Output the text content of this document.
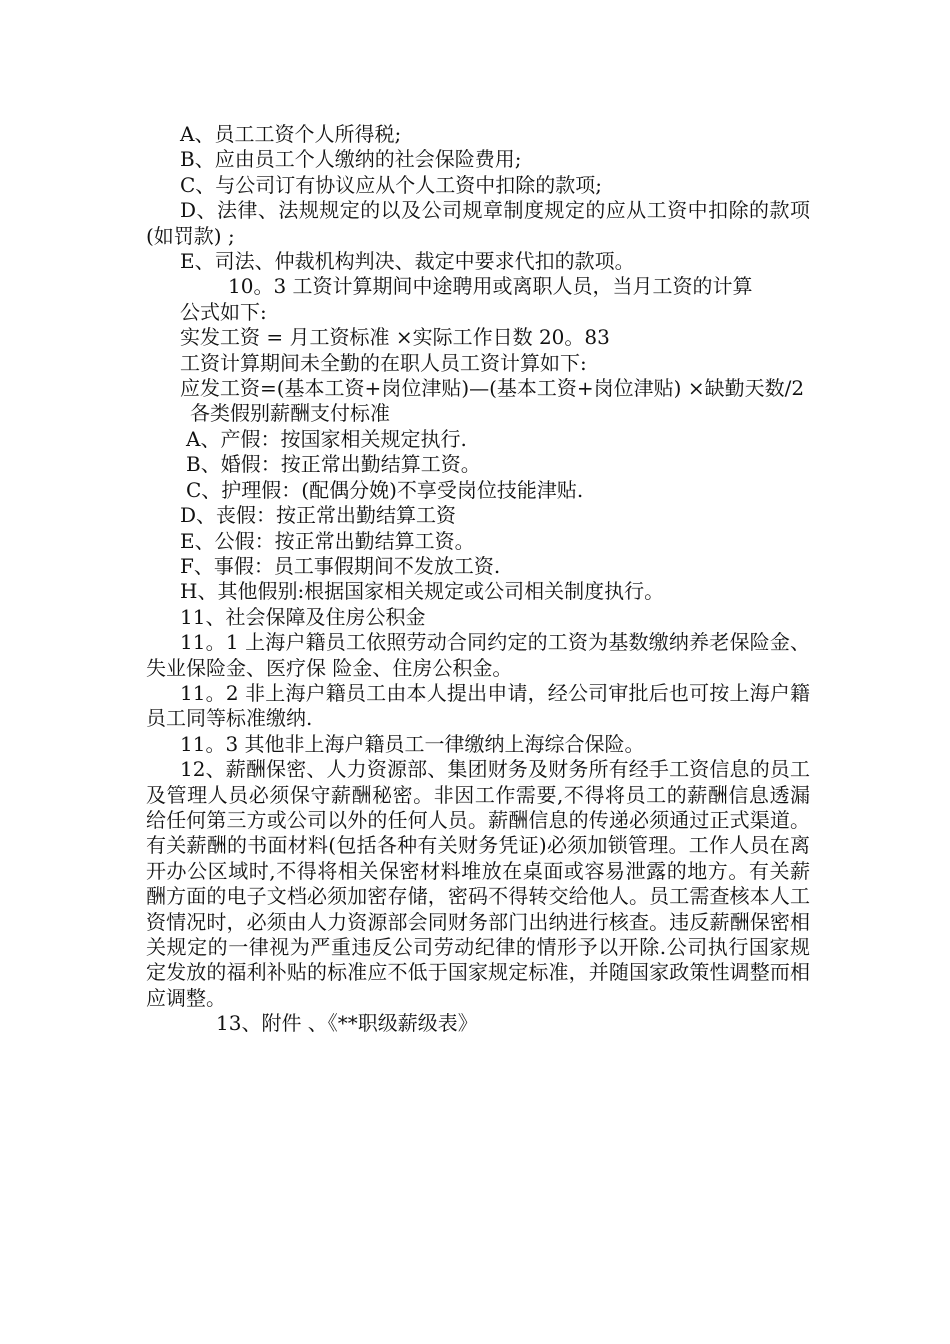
A、员工工资个人所得税;

B、应由员工个人缴纳的社会保险费用;

C、与公司订有协议应从个人工资中扣除的款项;

D、法律、法规规定的以及公司规章制度规定的应从工资中扣除的款项(如罚款) ;

E、司法、仲裁机构判决、裁定中要求代扣的款项。

10。3 工资计算期间中途聘用或离职人员，当月工资的计算

公式如下:

实发工资 = 月工资标准 ×实际工作日数 20。83

工资计算期间未全勤的在职人员工资计算如下:

应发工资=(基本工资+岗位津贴)—(基本工资+岗位津贴) ×缺勤天数/2

各类假别薪酬支付标准

A、产假：按国家相关规定执行.

B、婚假：按正常出勤结算工资。

C、护理假：(配偶分娩)不享受岗位技能津贴.

D、丧假：按正常出勤结算工资

E、公假：按正常出勤结算工资。

F、事假：员工事假期间不发放工资.

H、其他假别:根据国家相关规定或公司相关制度执行。

11、社会保障及住房公积金

11。1 上海户籍员工依照劳动合同约定的工资为基数缴纳养老保险金、失业保险金、医疗保 险金、住房公积金。

11。2 非上海户籍员工由本人提出申请，经公司审批后也可按上海户籍员工同等标准缴纳.

11。3 其他非上海户籍员工一律缴纳上海综合保险。

12、薪酬保密、人力资源部、集团财务及财务所有经手工资信息的员工及管理人员必须保守薪酬秘密。非因工作需要,不得将员工的薪酬信息透漏给任何第三方或公司以外的任何人员。薪酬信息的传递必须通过正式渠道。有关薪酬的书面材料(包括各种有关财务凭证)必须加锁管理。工作人员在离开办公区域时,不得将相关保密材料堆放在桌面或容易泄露的地方。有关薪酬方面的电子文档必须加密存储，密码不得转交给他人。员工需查核本人工资情况时，必须由人力资源部会同财务部门出纳进行核查。违反薪酬保密相关规定的一律视为严重违反公司劳动纪律的情形予以开除.公司执行国家规定发放的福利补贴的标准应不低于国家规定标准，并随国家政策性调整而相应调整。

13、附件 、《**职级薪级表》
